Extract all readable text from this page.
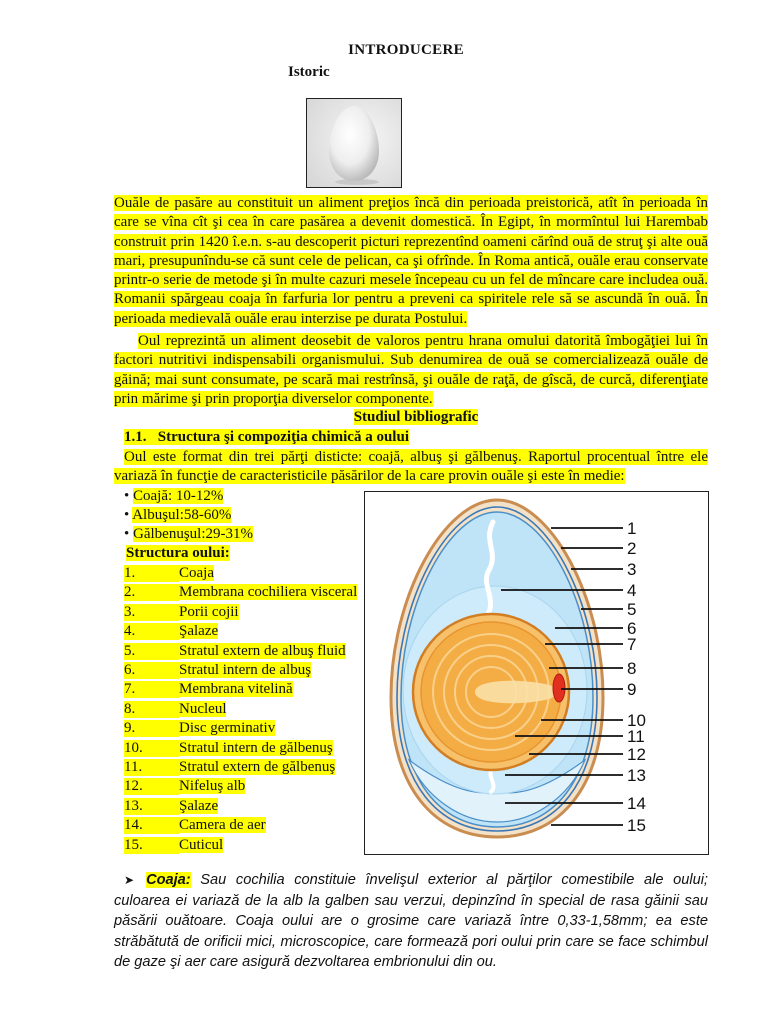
INTRODUCERE
Istoric
Ouăle de pasăre au constituit un aliment preţios încă din perioada preistorică, atît în perioada în care se vîna cît şi cea în care pasărea a devenit domestică. În Egipt, în mormîntul lui Harembab construit prin 1420 î.e.n. s-au descoperit picturi reprezentînd oameni cărînd ouă de struţ şi alte ouă mari, presupunîndu-se că sunt cele de pelican, ca şi ofrînde. În Roma antică, ouăle erau conservate printr-o serie de metode şi în multe cazuri mesele începeau cu un fel de mîncare care includea ouă. Romanii spărgeau coaja în farfuria lor pentru a preveni ca spiritele rele să se ascundă în ouă. În perioada medievală ouăle erau interzise pe durata Postului.
Oul reprezintă un aliment deosebit de valoros pentru hrana omului datorită îmbogăţiei lui în factori nutritivi indispensabili organismului. Sub denumirea de ouă se comercializează ouăle de găină; mai sunt consumate, pe scară mai restrînsă, şi ouăle de raţă, de gîscă, de curcă, diferenţiate prin mărime şi prin proporţia diverselor componente.
Studiul bibliografic
1.1.   Structura şi compoziţia chimică a oului
Oul este format din trei părţi disticte: coajă, albuş şi gălbenuş. Raportul procentual între ele variază în funcţie de caracteristicile păsărilor de la care provin ouăle şi este în medie:
• Coajă: 10-12%
• Albuşul:58-60%
• Gălbenuşul:29-31%
Structura oului:
1.	Coaja
2.	Membrana cochiliera visceral
3.	Porii cojii
4.	Şalaze
5.	Stratul extern de albuş fluid
6.	Stratul intern de albuş
7.	Membrana vitelină
8.	Nucleul
9.	Disc germinativ
10.	Stratul intern de gălbenuş
11.	Stratul extern de gălbenuş
12.	Nifeluş alb
13.	Şalaze
14.	Camera de aer
15.	Cuticul
1
2
3
4
5
6
7
8
9
10
11
12
13
14
15
➤ Coaja: Sau cochilia constituie învelişul exterior al părţilor comestibile ale oului; culoarea ei variază de la alb la galben sau verzui, depinzînd în special de rasa găinii sau păsării ouătoare. Coaja oului are o grosime care variază între 0,33-1,58mm; ea este străbătută de orificii mici, microscopice, care formează pori oului prin care se face schimbul de gaze şi aer care asigură dezvoltarea embrionului din ou.
